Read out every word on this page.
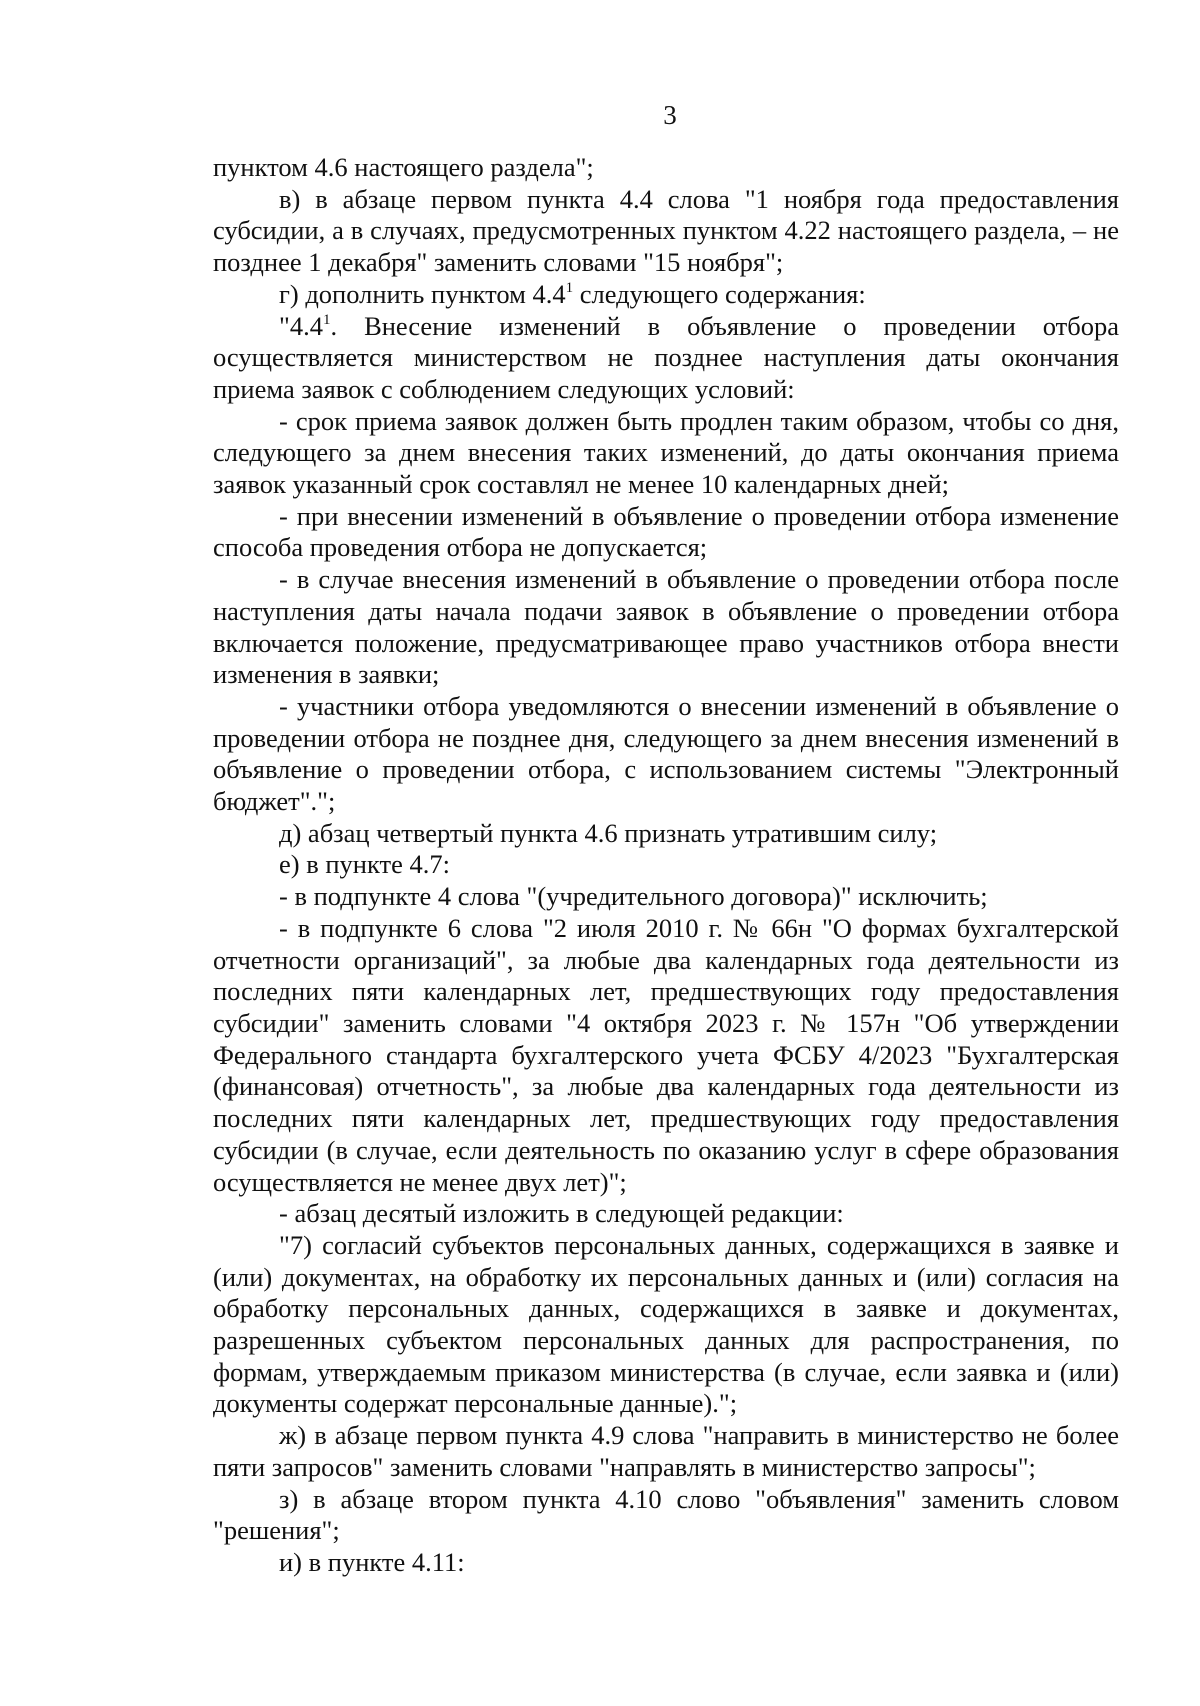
3

пунктом 4.6 настоящего раздела";

в) в абзаце первом пункта 4.4 слова "1 ноября года предоставления субсидии, а в случаях, предусмотренных пунктом 4.22 настоящего раздела, – не позднее 1 декабря" заменить словами "15 ноября";

г) дополнить пунктом $4.4^1$ следующего содержания:

"$4.4^1$. Внесение изменений в объявление о проведении отбора осуществляется министерством не позднее наступления даты окончания приема заявок с соблюдением следующих условий:

- срок приема заявок должен быть продлен таким образом, чтобы со дня, следующего за днем внесения таких изменений, до даты окончания приема заявок указанный срок составлял не менее 10 календарных дней;

- при внесении изменений в объявление о проведении отбора изменение способа проведения отбора не допускается;

- в случае внесения изменений в объявление о проведении отбора после наступления даты начала подачи заявок в объявление о проведении отбора включается положение, предусматривающее право участников отбора внести изменения в заявки;

- участники отбора уведомляются о внесении изменений в объявление о проведении отбора не позднее дня, следующего за днем внесения изменений в объявление о проведении отбора, с использованием системы "Электронный бюджет".";

д) абзац четвертый пункта 4.6 признать утратившим силу;

е) в пункте 4.7:

- в подпункте 4 слова "(учредительного договора)" исключить;

- в подпункте 6 слова "2 июля 2010 г. № 66н "О формах бухгалтерской отчетности организаций", за любые два календарных года деятельности из последних пяти календарных лет, предшествующих году предоставления субсидии" заменить словами "4 октября 2023 г. № 157н "Об утверждении Федерального стандарта бухгалтерского учета ФСБУ 4/2023 "Бухгалтерская (финансовая) отчетность", за любые два календарных года деятельности из последних пяти календарных лет, предшествующих году предоставления субсидии (в случае, если деятельность по оказанию услуг в сфере образования осуществляется не менее двух лет)";

- абзац десятый изложить в следующей редакции:

"7) согласий субъектов персональных данных, содержащихся в заявке и (или) документах, на обработку их персональных данных и (или) согласия на обработку персональных данных, содержащихся в заявке и документах, разрешенных субъектом персональных данных для распространения, по формам, утверждаемым приказом министерства (в случае, если заявка и (или) документы содержат персональные данные).";

ж) в абзаце первом пункта 4.9 слова "направить в министерство не более пяти запросов" заменить словами "направлять в министерство запросы";

з) в абзаце втором пункта 4.10 слово "объявления" заменить словом "решения";

и) в пункте 4.11:
